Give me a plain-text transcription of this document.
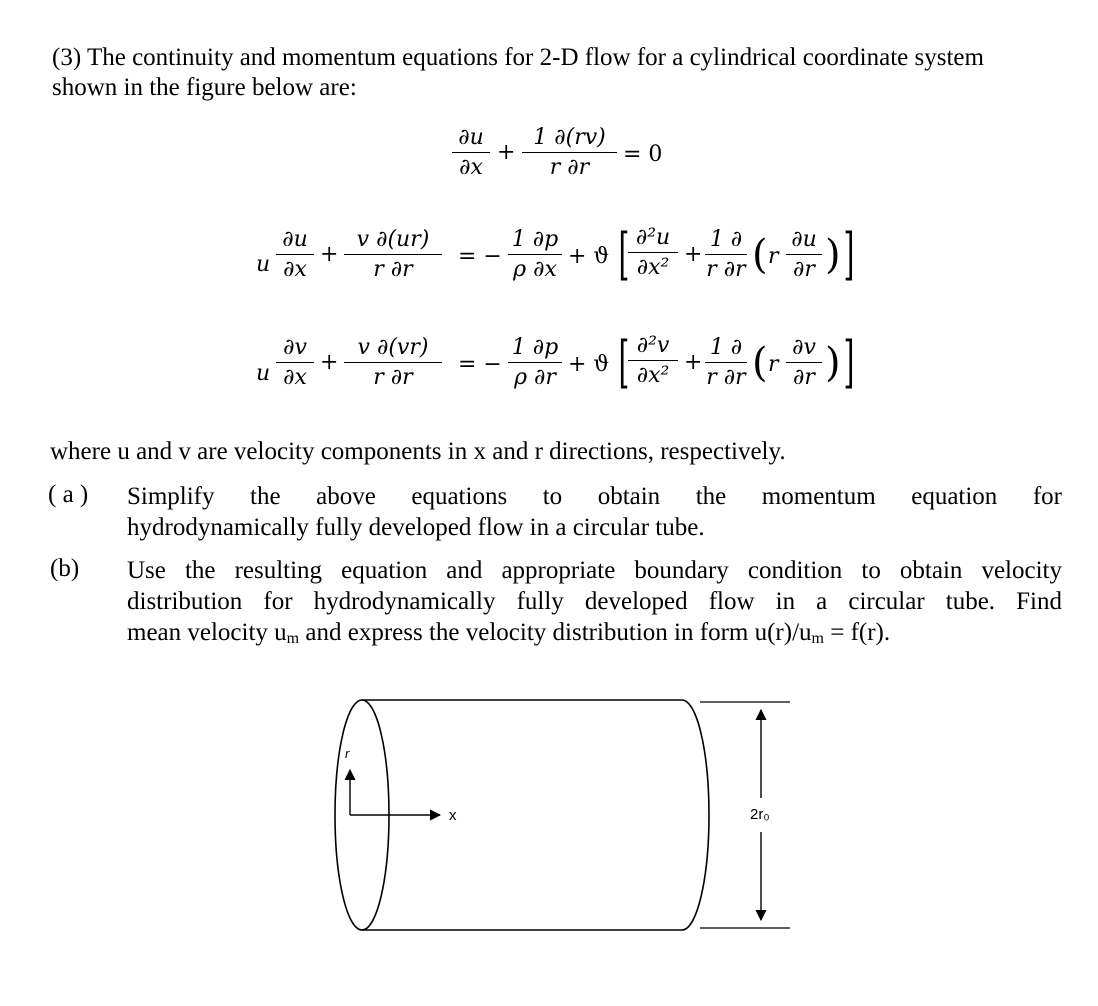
(3) The continuity and momentum equations for 2-D flow for a cylindrical coordinate system
shown in the figure below are:
∂u
∂x
+
1 ∂(rv)
r ∂r
= 0
u
∂u
∂x
+
v ∂(ur)
r ∂r
= −
1 ∂p
ρ ∂x
+ ϑ [ ∂²u
∂x²
+
1 ∂
r ∂r ( r
∂u
∂r ) ]
u
∂v
∂x
+
v ∂(vr)
r ∂r
= −
1 ∂p
ρ ∂r
+ ϑ [ ∂²v
∂x²
+
1 ∂
r ∂r ( r
∂v
∂r ) ]
where u and v are velocity components in x and r directions, respectively.
( a ) Simplify the above equations to obtain the momentum equation for
hydrodynamically fully developed flow in a circular tube.
(b) Use the resulting equation and appropriate boundary condition to obtain velocity
distribution for hydrodynamically fully developed flow in a circular tube. Find
mean velocity um and express the velocity distribution in form u(r)/um = f(r).
r
x	2r₀
